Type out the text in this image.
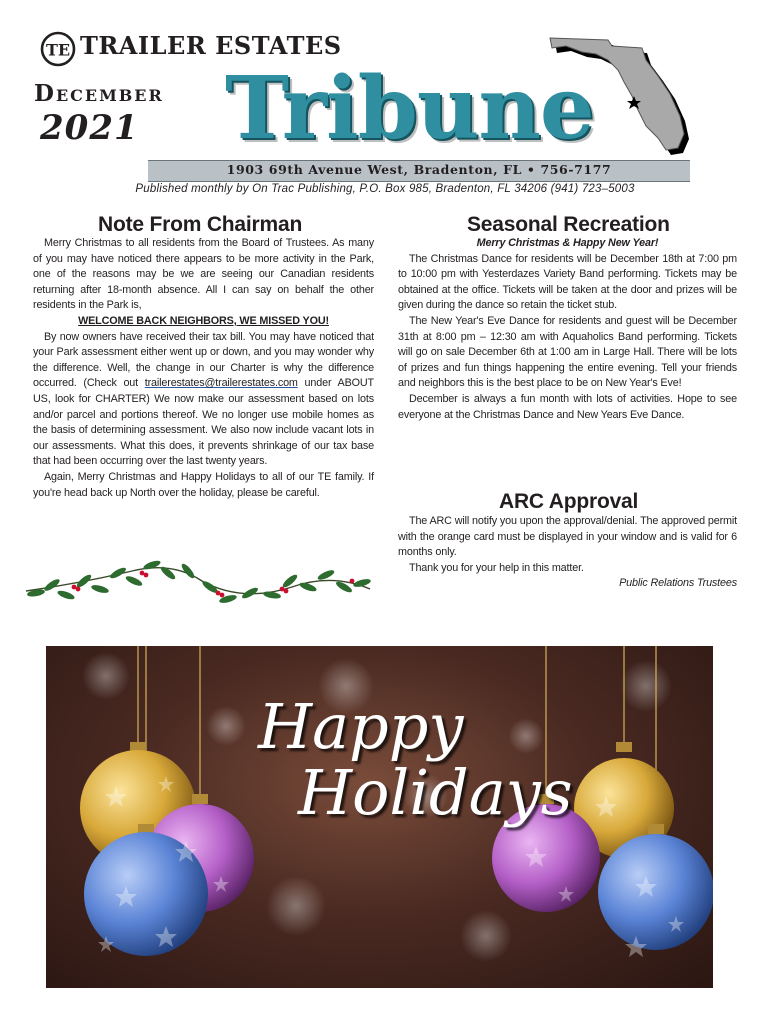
TE TRAILER ESTATES
December
2021 Tribune
1903 69th Avenue West, Bradenton, FL • 756-7177
Published monthly by On Trac Publishing, P.O. Box 985, Bradenton, FL 34206 (941) 723–5003
Note From Chairman

Merry Christmas to all residents from the Board of Trustees. As many of you may have noticed there appears to be more activity in the Park, one of the reasons may be we are seeing our Canadian residents returning after 18-month absence. All I can say on behalf the other residents in the Park is,

WELCOME BACK NEIGHBORS, WE MISSED YOU!

By now owners have received their tax bill. You may have noticed that your Park assessment either went up or down, and you may wonder why the difference. Well, the change in our Charter is why the difference occurred. (Check out trailerestates@trailerestates.com under ABOUT US, look for CHARTER) We now make our assessment based on lots and/or parcel and portions thereof. We no longer use mobile homes as the basis of determining assessment. We also now include vacant lots in our assessments. What this does, it prevents shrinkage of our tax base that had been occurring over the last twenty years.

Again, Merry Christmas and Happy Holidays to all of our TE family. If you're head back up North over the holiday, please be careful.

Seasonal Recreation

Merry Christmas & Happy New Year!

The Christmas Dance for residents will be December 18th at 7:00 pm to 10:00 pm with Yesterdazes Variety Band performing. Tickets may be obtained at the office. Tickets will be taken at the door and prizes will be given during the dance so retain the ticket stub.

The New Year's Eve Dance for residents and guest will be December 31th at 8:00 pm – 12:30 am with Aquaholics Band performing. Tickets will go on sale December 6th at 1:00 am in Large Hall. There will be lots of prizes and fun things happening the entire evening. Tell your friends and neighbors this is the best place to be on New Year's Eve!

December is always a fun month with lots of activities. Hope to see everyone at the Christmas Dance and New Years Eve Dance.

ARC Approval

The ARC will notify you upon the approval/denial. The approved permit with the orange card must be displayed in your window and is valid for 6 months only.

Thank you for your help in this matter.

Public Relations Trustees

Happy
Holidays
